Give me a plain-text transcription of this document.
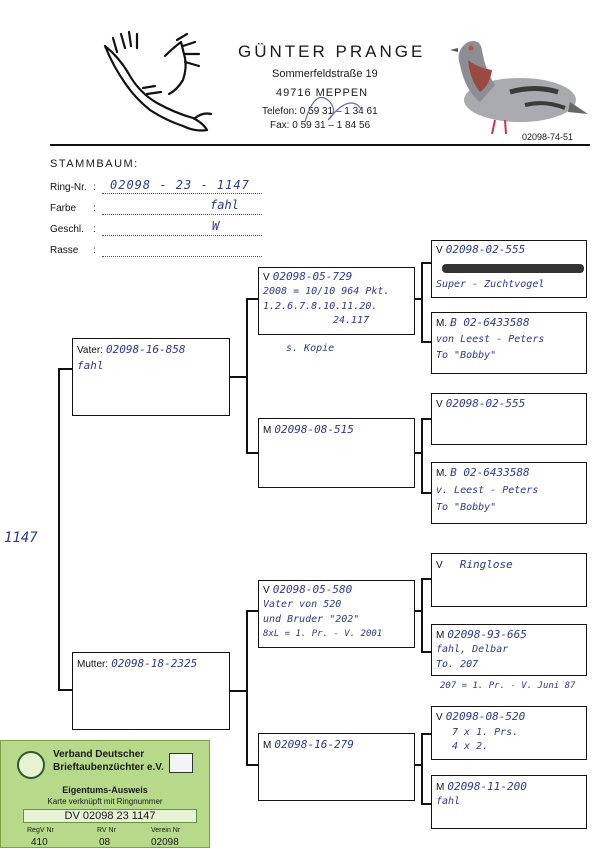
GÜNTER PRANGE
Sommerfeldstraße 19
49716 MEPPEN
Telefon: 0 59 31 – 1 34 61
Fax: 0 59 31 – 1 84 56
02098-74-51
STAMMBAUM:
Ring-Nr. : 02098 - 23 - 1147
Farbe :	fahl
Geschl. :	W
Rasse :
1147
Vater: 02098-16-858
fahl
Mutter: 02098-18-2325
V 02098-05-729
2008 = 10/10 964 Pkt.
1.2.6.7.8.10.11.20.
24.117
s. Kopie
M 02098-08-515
V 02098-05-580
Vater von 520
und Bruder "202"
8xL = 1. Pr. - V. 2001
M 02098-16-279
V 02098-02-555
Super - Zuchtvogel
M. B 02-6433588
von Leest - Peters
To "Bobby"
V 02098-02-555
M. B 02-6433588
v. Leest - Peters
To "Bobby"
V Ringlose
M 02098-93-665
fahl, Delbar
To. 207
207 = 1. Pr. - V. Juni 87
V 02098-08-520
7 x 1. Prs.
4 x 2.
M 02098-11-200
fahl
Verband Deutscher
Brieftaubenzüchter e.V.
Eigentums-Ausweis
Karte verknüpft mit Ringnummer
DV 02098 23 1147
RegV Nr	RV Nr	Verein Nr
410	08	02098
